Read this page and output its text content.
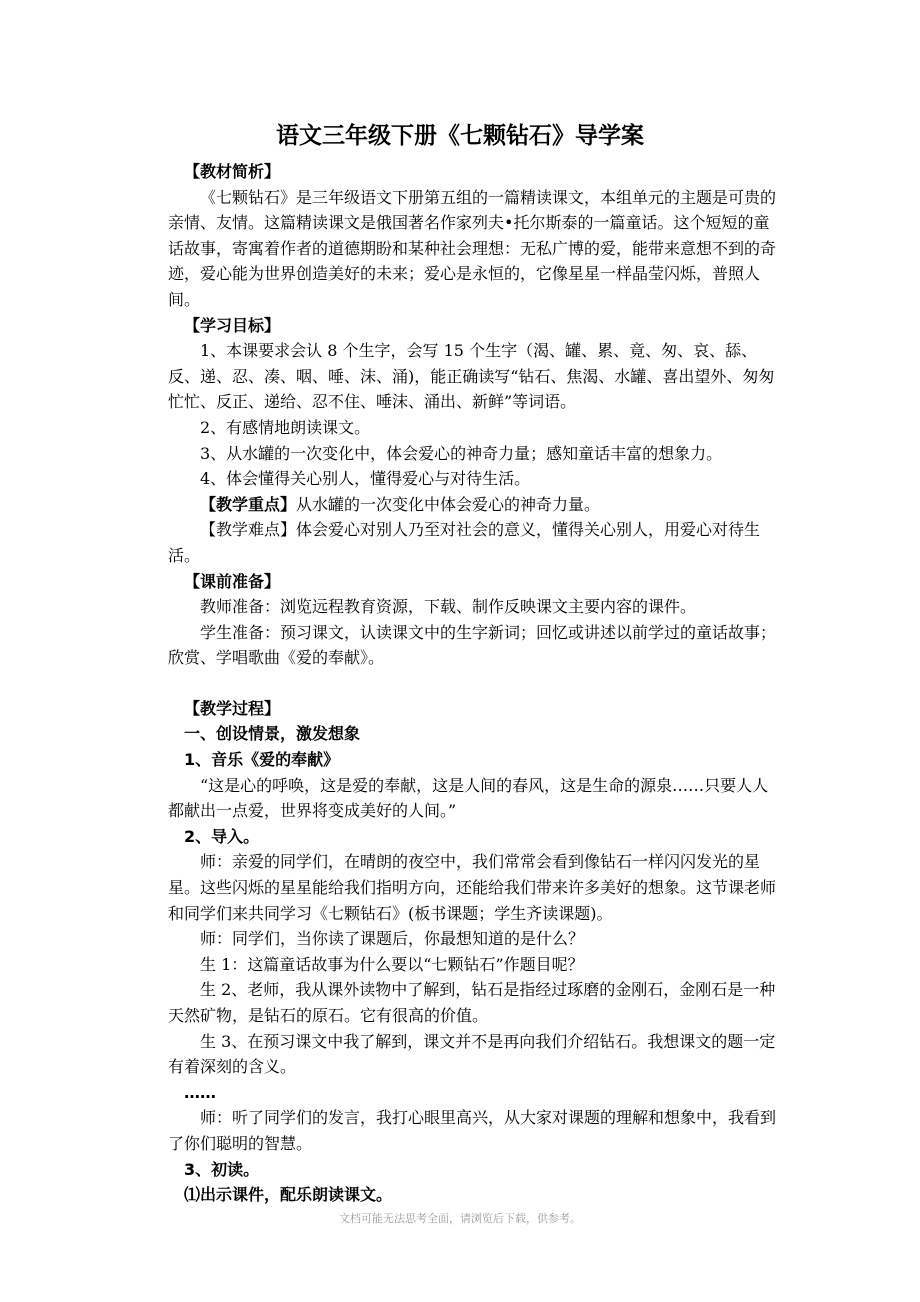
语文三年级下册《七颗钻石》导学案

【教材简析】

《七颗钻石》是三年级语文下册第五组的一篇精读课文，本组单元的主题是可贵的亲情、友情。这篇精读课文是俄国著名作家列夫•托尔斯泰的一篇童话。这个短短的童话故事，寄寓着作者的道德期盼和某种社会理想：无私广博的爱，能带来意想不到的奇迹，爱心能为世界创造美好的未来；爱心是永恒的，它像星星一样晶莹闪烁，普照人间。

【学习目标】

1、本课要求会认 8 个生字，会写 15 个生字（渴、罐、累、竟、匆、哀、舔、反、递、忍、凑、咽、唾、沫、涌)，能正确读写“钻石、焦渴、水罐、喜出望外、匆匆忙忙、反正、递给、忍不住、唾沫、涌出、新鲜”等词语。

2、有感情地朗读课文。

3、从水罐的一次变化中，体会爱心的神奇力量；感知童话丰富的想象力。

4、体会懂得关心别人，懂得爱心与对待生活。

【教学重点】从水罐的一次变化中体会爱心的神奇力量。

【教学难点】体会爱心对别人乃至对社会的意义，懂得关心别人，用爱心对待生活。

【课前准备】

教师准备：浏览远程教育资源，下载、制作反映课文主要内容的课件。

学生准备：预习课文，认读课文中的生字新词；回忆或讲述以前学过的童话故事；欣赏、学唱歌曲《爱的奉献》。

【教学过程】

一、创设情景，激发想象

1、音乐《爱的奉献》

“这是心的呼唤，这是爱的奉献，这是人间的春风，这是生命的源泉……只要人人都献出一点爱，世界将变成美好的人间。”

2、导入。

师：亲爱的同学们，在晴朗的夜空中，我们常常会看到像钻石一样闪闪发光的星星。这些闪烁的星星能给我们指明方向，还能给我们带来许多美好的想象。这节课老师和同学们来共同学习《七颗钻石》(板书课题；学生齐读课题)。

师：同学们，当你读了课题后，你最想知道的是什么？

生 1：这篇童话故事为什么要以“七颗钻石”作题目呢？

生 2、老师，我从课外读物中了解到，钻石是指经过琢磨的金刚石，金刚石是一种天然矿物，是钻石的原石。它有很高的价值。

生 3、在预习课文中我了解到，课文并不是再向我们介绍钻石。我想课文的题一定有着深刻的含义。

……

师：听了同学们的发言，我打心眼里高兴，从大家对课题的理解和想象中，我看到了你们聪明的智慧。

3、初读。

⑴出示课件，配乐朗读课文。

文档可能无法思考全面，请浏览后下载，供参考。
